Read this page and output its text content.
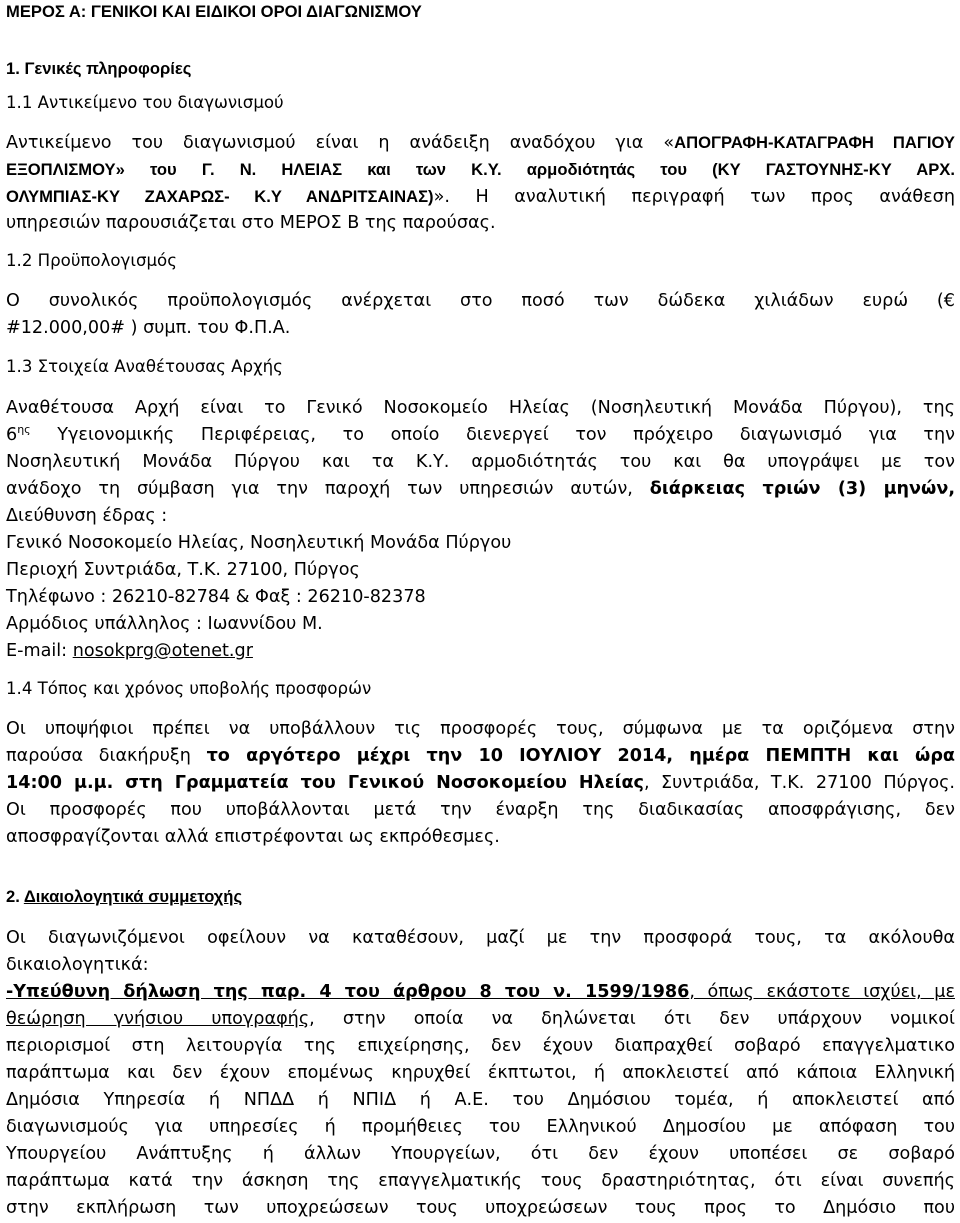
ΜΕΡΟΣ Α: ΓΕΝΙΚΟΙ ΚΑΙ ΕΙΔΙΚΟΙ ΟΡΟΙ ΔΙΑΓΩΝΙΣΜΟΥ
1. Γενικές πληροφορίες
1.1 Αντικείμενο του διαγωνισμού
Αντικείμενο του διαγωνισμού είναι η ανάδειξη αναδόχου για «ΑΠΟΓΡΑΦΗ-ΚΑΤΑΓΡΑΦΗ ΠΑΓΙΟΥ
ΕΞΟΠΛΙΣΜΟΥ» του Γ. Ν. ΗΛΕΙΑΣ και των Κ.Υ. αρμοδιότητάς του (ΚΥ ΓΑΣΤΟΥΝΗΣ-ΚΥ ΑΡΧ.
ΟΛΥΜΠΙΑΣ-ΚΥ ΖΑΧΑΡΩΣ- Κ.Υ ΑΝΔΡΙΤΣΑΙΝΑΣ)». Η αναλυτική περιγραφή των προς ανάθεση
υπηρεσιών παρουσιάζεται στο ΜΕΡΟΣ Β της παρούσας.
1.2 Προϋπολογισμός
Ο συνολικός προϋπολογισμός ανέρχεται στο ποσό των δώδεκα χιλιάδων ευρώ (€
#12.000,00# ) συμπ. του Φ.Π.Α.
1.3 Στοιχεία Αναθέτουσας Αρχής
Αναθέτουσα Αρχή είναι το Γενικό Νοσοκομείο Ηλείας (Νοσηλευτική Μονάδα Πύργου), της
$6^{\eta\varsigma}$ Υγειονομικής Περιφέρειας, το οποίο διενεργεί τον πρόχειρο διαγωνισμό για την
Νοσηλευτική Μονάδα Πύργου και τα Κ.Υ. αρμοδιότητάς του και θα υπογράψει με τον
ανάδοχο τη σύμβαση για την παροχή των υπηρεσιών αυτών, διάρκειας τριών (3) μηνών,
Διεύθυνση έδρας :
Γενικό Νοσοκομείο Ηλείας, Νοσηλευτική Μονάδα Πύργου
Περιοχή Συντριάδα, Τ.Κ. 27100, Πύργος
Τηλέφωνο : 26210-82784 & Φαξ : 26210-82378
Αρμόδιος υπάλληλος : Ιωαννίδου Μ.
E-mail: nosokprg@otenet.gr
1.4 Τόπος και χρόνος υποβολής προσφορών
Οι υποψήφιοι πρέπει να υποβάλλουν τις προσφορές τους, σύμφωνα με τα οριζόμενα στην
παρούσα διακήρυξη το αργότερο μέχρι την 10 ΙΟΥΛΙΟΥ 2014, ημέρα ΠΕΜΠΤΗ και ώρα
14:00 μ.μ. στη Γραμματεία του Γενικού Νοσοκομείου Ηλείας, Συντριάδα, Τ.Κ. 27100 Πύργος.
Οι προσφορές που υποβάλλονται μετά την έναρξη της διαδικασίας αποσφράγισης, δεν
αποσφραγίζονται αλλά επιστρέφονται ως εκπρόθεσμες.
2. Δικαιολογητικά συμμετοχής
Οι διαγωνιζόμενοι οφείλουν να καταθέσουν, μαζί με την προσφορά τους, τα ακόλουθα
δικαιολογητικά:
-Υπεύθυνη δήλωση της παρ. 4 του άρθρου 8 του ν. 1599/1986, όπως εκάστοτε ισχύει, με
θεώρηση γνήσιου υπογραφής, στην οποία να δηλώνεται ότι δεν υπάρχουν νομικοί
περιορισμοί στη λειτουργία της επιχείρησης, δεν έχουν διαπραχθεί σοβαρό επαγγελματικο
παράπτωμα και δεν έχουν επομένως κηρυχθεί έκπτωτοι, ή αποκλειστεί από κάποια Ελληνική
Δημόσια Υπηρεσία ή ΝΠΔΔ ή ΝΠΙΔ ή Α.Ε. του Δημόσιου τομέα, ή αποκλειστεί από
διαγωνισμούς για υπηρεσίες ή προμήθειες του Ελληνικού Δημοσίου με απόφαση του
Υπουργείου Ανάπτυξης ή άλλων Υπουργείων, ότι δεν έχουν υποπέσει σε σοβαρό
παράπτωμα κατά την άσκηση της επαγγελματικής τους δραστηριότητας, ότι είναι συνεπής
στην εκπλήρωση των υποχρεώσεων τους υποχρεώσεων τους προς το Δημόσιο που
